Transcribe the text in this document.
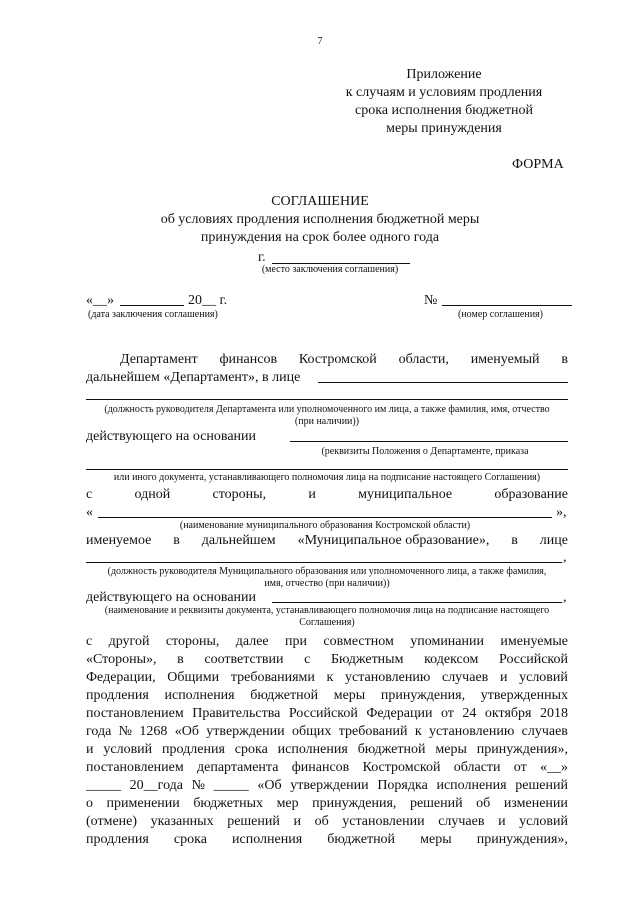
7
Приложение
к случаям и условиям продления
срока исполнения бюджетной
меры принуждения
ФОРМА
СОГЛАШЕНИЕ
об условиях продления исполнения бюджетной меры
принуждения на срок более одного года
г.
(место заключения соглашения)
«__»	20__ г.
(дата заключения соглашения)
№
(номер соглашения)
Департамент финансов Костромской области, именуемый в
дальнейшем «Департамент», в лице
(должность руководителя Департамента или уполномоченного им лица, а также фамилия, имя, отчество
(при наличии))
действующего на основании
(реквизиты Положения о Департаменте, приказа
или иного документа, устанавливающего полномочия лица на подписание настоящего Соглашения)
с	одной	стороны,	и	муниципальное	образование
«	»,
(наименование муниципального образования Костромской области)
именуемое в дальнейшем «Муниципальное образование», в лице
,
(должность руководителя Муниципального образования или уполномоченного лица, а также фамилия,
имя, отчество (при наличии))
действующего на основании	,
(наименование и реквизиты документа, устанавливающего полномочия лица на подписание настоящего
Соглашения)
с другой стороны, далее при совместном упоминании именуемые
«Стороны», в соответствии с Бюджетным кодексом Российской
Федерации, Общими требованиями к установлению случаев и условий
продления исполнения бюджетной меры принуждения, утвержденных
постановлением Правительства Российской Федерации от 24 октября 2018
года № 1268 «Об утверждении общих требований к установлению случаев
и условий продления срока исполнения бюджетной меры принуждения»,
постановлением департамента финансов Костромской области от «__»
_____ 20__года № _____ «Об утверждении Порядка исполнения решений
о применении бюджетных мер принуждения, решений об изменении
(отмене) указанных решений и об установлении случаев и условий
продления срока исполнения бюджетной меры принуждения»,
